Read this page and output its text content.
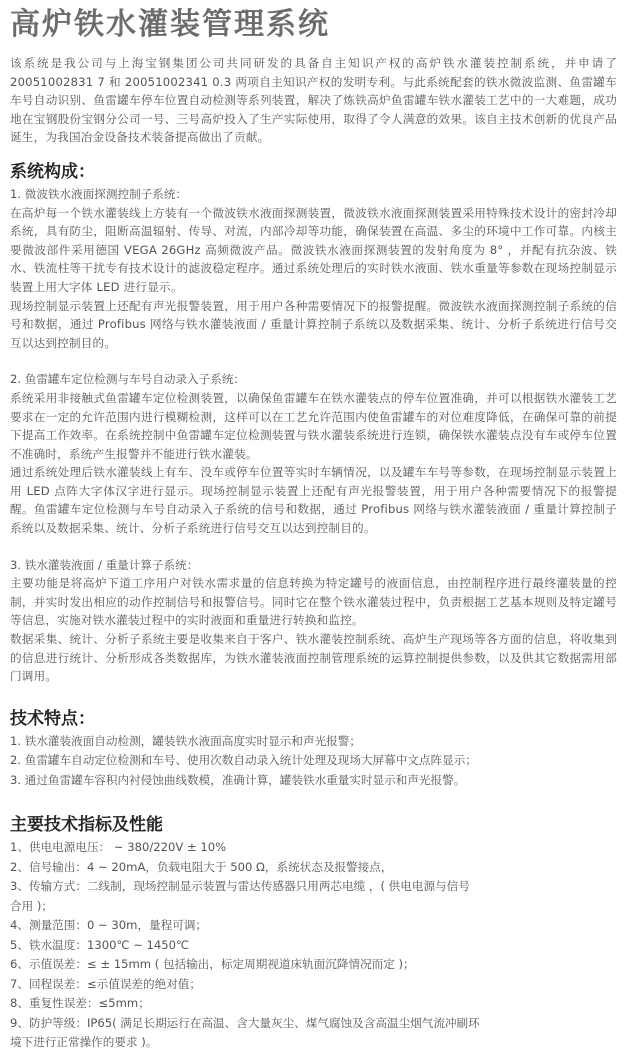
高炉铁水灌装管理系统

该系统是我公司与上海宝钢集团公司共同研发的具备自主知识产权的高炉铁水灌装控制系统，并申请了 20051002831 7 和 20051002341 0.3 两项自主知识产权的发明专利。与此系统配套的铁水微波监测、鱼雷罐车车号自动识别、鱼雷罐车停车位置自动检测等系列装置，解决了炼铁高炉鱼雷罐车铁水灌装工艺中的一大难题，成功地在宝钢股份宝钢分公司一号、三号高炉投入了生产实际使用，取得了令人满意的效果。该自主技术创新的优良产品诞生，为我国冶金设备技术装备提高做出了贡献。

系统构成：

1. 微波铁水液面探测控制子系统：

在高炉每一个铁水灌装线上方装有一个微波铁水液面探测装置，微波铁水液面探测装置采用特殊技术设计的密封冷却系统，具有防尘，阻断高温辐射、传导、对流，内部冷却等功能，确保装置在高温、多尘的环境中工作可靠。内核主要微波部件采用德国 VEGA 26GHz 高频微波产品。微波铁水液面探测装置的发射角度为 8° ，并配有抗杂波、铁水、铁流柱等干扰专有技术设计的滤波稳定程序。通过系统处理后的实时铁水液面、铁水重量等参数在现场控制显示装置上用大字体 LED 进行显示。

现场控制显示装置上还配有声光报警装置，用于用户各种需要情况下的报警提醒。微波铁水液面探测控制子系统的信号和数据，通过 Profibus 网络与铁水灌装液面 / 重量计算控制子系统以及数据采集、统计、分析子系统进行信号交互以达到控制目的。

2. 鱼雷罐车定位检测与车号自动录入子系统：

系统采用非接触式鱼雷罐车定位检测装置，以确保鱼雷罐车在铁水灌装点的停车位置准确，并可以根据铁水灌装工艺要求在一定的允许范围内进行模糊检测，这样可以在工艺允许范围内使鱼雷罐车的对位难度降低，在确保可靠的前提下提高工作效率。在系统控制中鱼雷罐车定位检测装置与铁水灌装系统进行连锁，确保铁水灌装点没有车或停车位置不准确时，系统产生报警并不能进行铁水灌装。

通过系统处理后铁水灌装线上有车、没车或停车位置等实时车辆情况，以及罐车车号等参数，在现场控制显示装置上用 LED 点阵大字体汉字进行显示。现场控制显示装置上还配有声光报警装置，用于用户各种需要情况下的报警提醒。鱼雷罐车定位检测与车号自动录入子系统的信号和数据，通过 Profibus 网络与铁水灌装液面 / 重量计算控制子系统以及数据采集、统计、分析子系统进行信号交互以达到控制目的。

3. 铁水灌装液面 / 重量计算子系统：

主要功能是将高炉下道工序用户对铁水需求量的信息转换为特定罐号的液面信息，由控制程序进行最终灌装量的控制，并实时发出相应的动作控制信号和报警信号。同时它在整个铁水灌装过程中，负责根据工艺基本规则及特定罐号等信息，实施对铁水灌装过程中的实时液面和重量进行转换和监控。

数据采集、统计、分析子系统主要是收集来自于客户、铁水灌装控制系统、高炉生产现场等各方面的信息，将收集到的信息进行统计、分析形成各类数据库，为铁水灌装液面控制管理系统的运算控制提供参数，以及供其它数据需用部门调用。

技术特点：

1. 铁水灌装液面自动检测，罐装铁水液面高度实时显示和声光报警；

2. 鱼雷罐车自动定位检测和车号、使用次数自动录入统计处理及现场大屏幕中文点阵显示；

3. 通过鱼雷罐车容积内衬侵蚀曲线数模，准确计算，罐装铁水重量实时显示和声光报警。

主要技术指标及性能

1、供电电源电压： ~ 380/220V ± 10%

2、信号输出：4 ~ 20mA，负载电阻大于 500 Ω，系统状态及报警接点，

3、传输方式：二线制，现场控制显示装置与雷达传感器只用两芯电缆 ，( 供电电源与信号合用 )；

4、测量范围：0 ~ 30m，量程可调；

5、铁水温度：1300℃ ~ 1450℃

6、示值误差：≤ ± 15mm ( 包括输出，标定周期视道床轨面沉降情况而定 )；

7、回程误差：≤示值误差的绝对值；

8、重复性误差：≤5mm；

9、防护等级：IP65( 满足长期运行在高温、含大量灰尘、煤气腐蚀及含高温尘烟气流冲刷环境下进行正常操作的要求 )。
